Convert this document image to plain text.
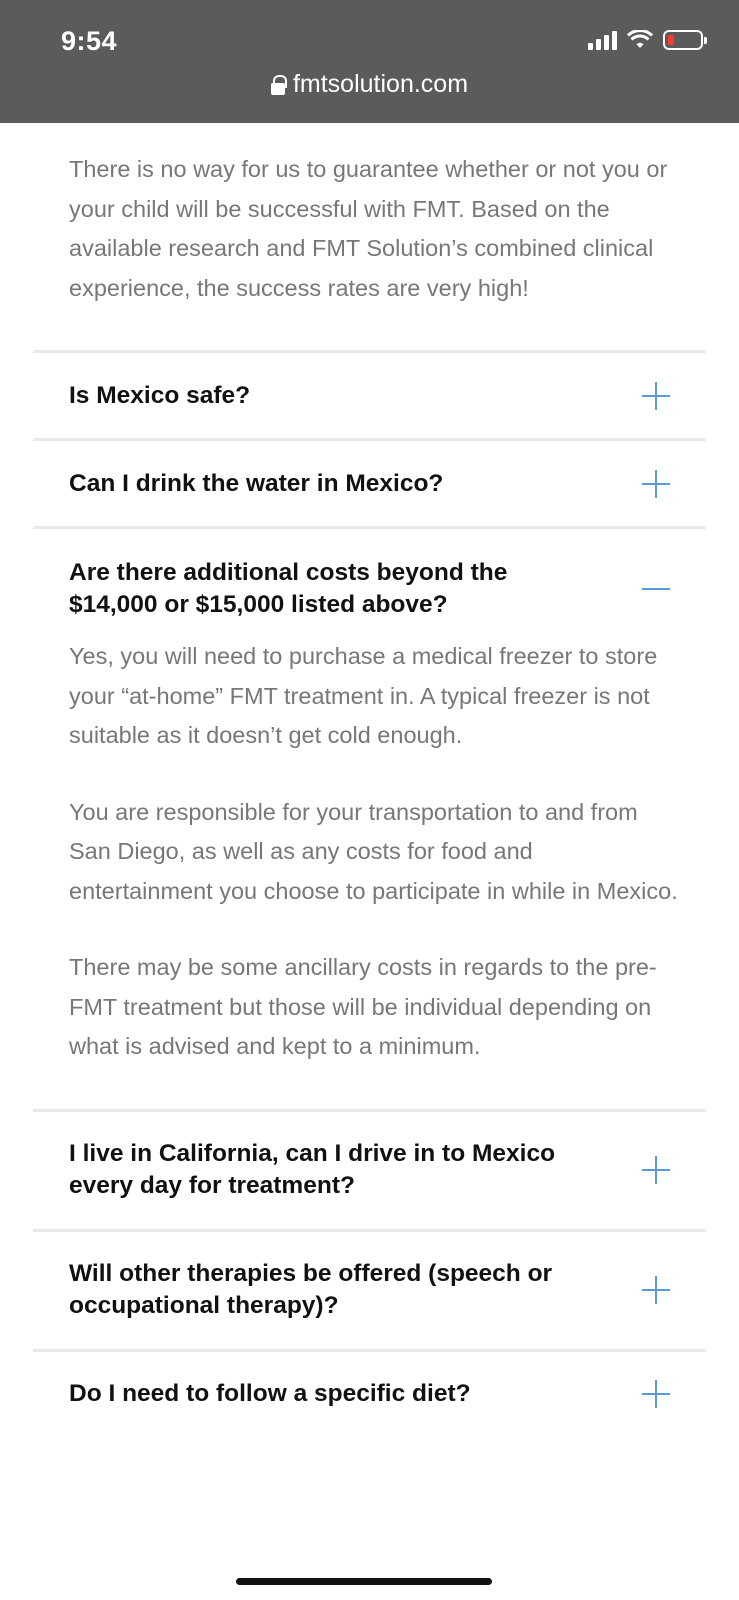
9:54
fmtsolution.com

There is no way for us to guarantee whether or not you or your child will be successful with FMT. Based on the available research and FMT Solution’s combined clinical experience, the success rates are very high!

Is Mexico safe?
Can I drink the water in Mexico?
Are there additional costs beyond the $14,000 or $15,000 listed above?

Yes, you will need to purchase a medical freezer to store your “at-home” FMT treatment in. A typical freezer is not suitable as it doesn’t get cold enough.

You are responsible for your transportation to and from San Diego, as well as any costs for food and entertainment you choose to participate in while in Mexico.

There may be some ancillary costs in regards to the pre-FMT treatment but those will be individual depending on what is advised and kept to a minimum.

I live in California, can I drive in to Mexico every day for treatment?
Will other therapies be offered (speech or occupational therapy)?
Do I need to follow a specific diet?
